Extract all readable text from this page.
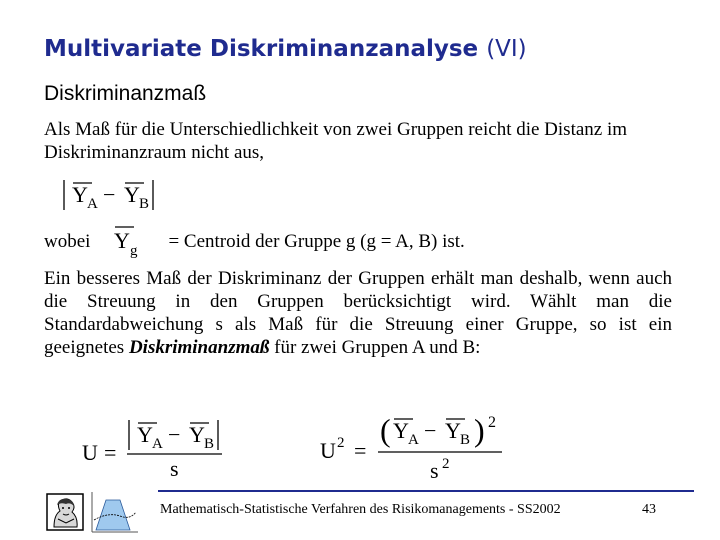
Multivariate Diskriminanzanalyse (VI)
Diskriminanzmaß

Als Maß für die Unterschiedlichkeit von zwei Gruppen reicht die Distanz im Diskriminanzraum nicht aus,

Y A − Y B
wobei	= Centroid der Gruppe g (g = A, B) ist.
Y g

Ein besseres Maß der Diskriminanz der Gruppen erhält man deshalb, wenn auch die Streuung in den Gruppen berücksichtigt wird. Wählt man die Standardabweichung s als Maß für die Streuung einer Gruppe, so ist ein geeignetes Diskriminanzmaß für zwei Gruppen A und B:

U =
Y A − Y B
s
U 2 =
( Y A − Y B ) 2
s 2
Mathematisch-Statistische Verfahren des Risikomanagements - SS2002	43
